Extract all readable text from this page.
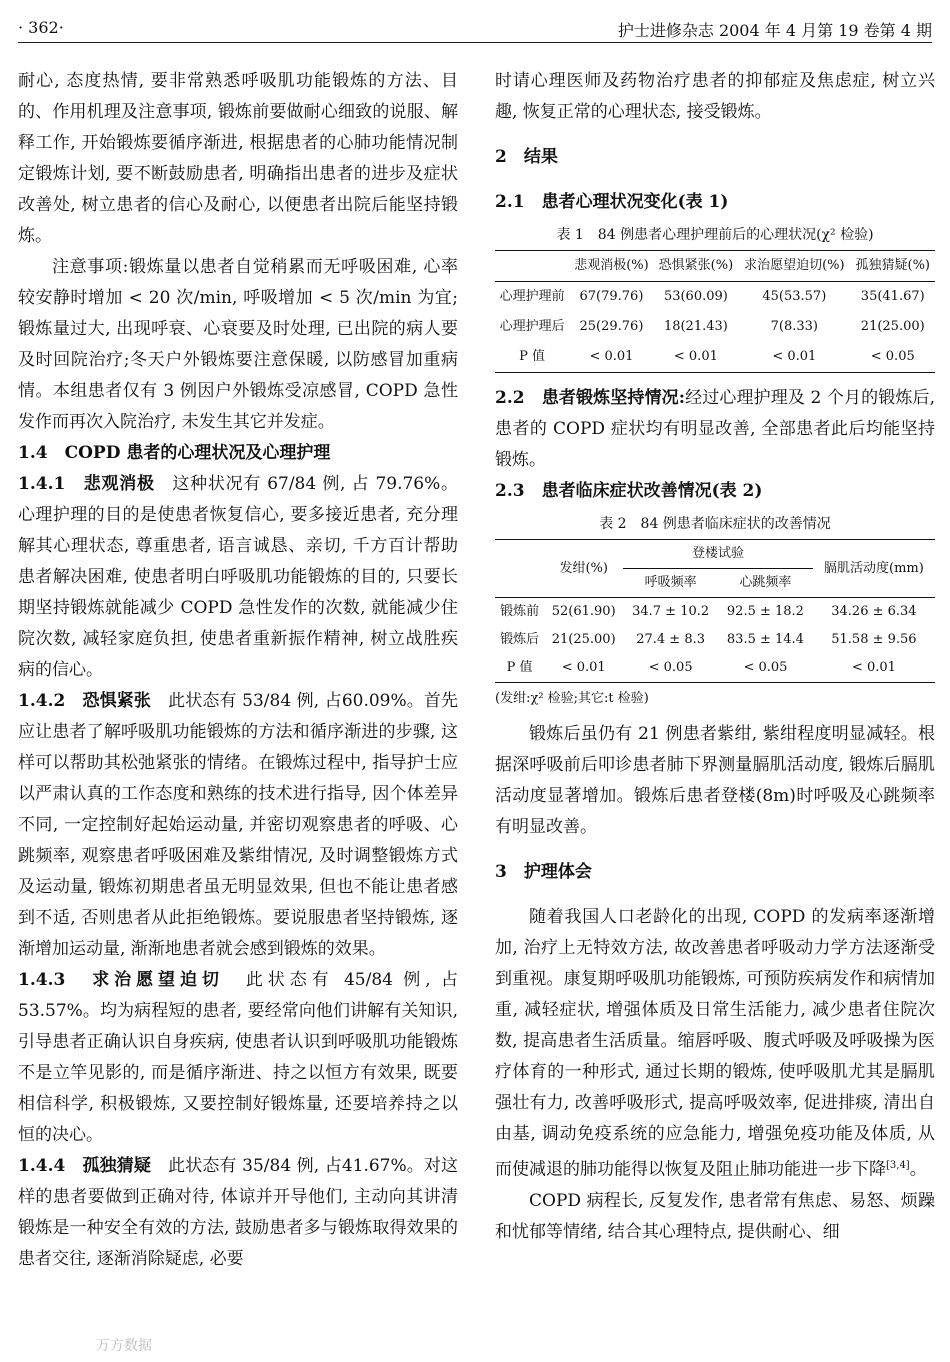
· 362·	护士进修杂志 2004 年 4 月第 19 卷第 4 期

耐心, 态度热情, 要非常熟悉呼吸肌功能锻炼的方法、目的、作用机理及注意事项, 锻炼前要做耐心细致的说服、解释工作, 开始锻炼要循序渐进, 根据患者的心肺功能情况制定锻炼计划, 要不断鼓励患者, 明确指出患者的进步及症状改善处, 树立患者的信心及耐心, 以便患者出院后能坚持锻炼。

注意事项:锻炼量以患者自觉稍累而无呼吸困难, 心率较安静时增加 < 20 次/min, 呼吸增加 < 5 次/min 为宜;锻炼量过大, 出现呼衰、心衰要及时处理, 已出院的病人要及时回院治疗;冬天户外锻炼要注意保暖, 以防感冒加重病情。本组患者仅有 3 例因户外锻炼受凉感冒, COPD 急性发作而再次入院治疗, 未发生其它并发症。

1.4　COPD 患者的心理状况及心理护理

1.4.1　悲观消极　这种状况有 67/84 例, 占 79.76%。心理护理的目的是使患者恢复信心, 要多接近患者, 充分理解其心理状态, 尊重患者, 语言诚恳、亲切, 千方百计帮助患者解决困难, 使患者明白呼吸肌功能锻炼的目的, 只要长期坚持锻炼就能减少 COPD 急性发作的次数, 就能减少住院次数, 减轻家庭负担, 使患者重新振作精神, 树立战胜疾病的信心。

1.4.2　恐惧紧张　此状态有 53/84 例, 占60.09%。首先应让患者了解呼吸肌功能锻炼的方法和循序渐进的步骤, 这样可以帮助其松弛紧张的情绪。在锻炼过程中, 指导护士应以严肃认真的工作态度和熟练的技术进行指导, 因个体差异不同, 一定控制好起始运动量, 并密切观察患者的呼吸、心跳频率, 观察患者呼吸困难及紫绀情况, 及时调整锻炼方式及运动量, 锻炼初期患者虽无明显效果, 但也不能让患者感到不适, 否则患者从此拒绝锻炼。要说服患者坚持锻炼, 逐渐增加运动量, 渐渐地患者就会感到锻炼的效果。

1.4.3　求治愿望迫切　此状态有 45/84 例, 占 53.57%。均为病程短的患者, 要经常向他们讲解有关知识, 引导患者正确认识自身疾病, 使患者认识到呼吸肌功能锻炼不是立竿见影的, 而是循序渐进、持之以恒方有效果, 既要相信科学, 积极锻炼, 又要控制好锻炼量, 还要培养持之以恒的决心。

1.4.4　孤独猜疑　此状态有 35/84 例, 占41.67%。对这样的患者要做到正确对待, 体谅并开导他们, 主动向其讲清锻炼是一种安全有效的方法, 鼓励患者多与锻炼取得效果的患者交往, 逐渐消除疑虑, 必要

时请心理医师及药物治疗患者的抑郁症及焦虑症, 树立兴趣, 恢复正常的心理状态, 接受锻炼。

2　结果

2.1　患者心理状况变化(表 1)

表 1　84 例患者心理护理前后的心理状况(χ² 检验)
	悲观消极(%)	恐惧紧张(%)	求治愿望迫切(%)	孤独猜疑(%)
心理护理前	67(79.76)	53(60.09)	45(53.57)	35(41.67)
心理护理后	25(29.76)	18(21.43)	7(8.33)	21(25.00)
P 值	< 0.01	< 0.01	< 0.01	< 0.05

2.2　患者锻炼坚持情况:经过心理护理及 2 个月的锻炼后, 患者的 COPD 症状均有明显改善, 全部患者此后均能坚持锻炼。

2.3　患者临床症状改善情况(表 2)

表 2　84 例患者临床症状的改善情况
	发绀(%)	登楼试验		膈肌活动度(mm)
		呼吸频率	心跳频率	
锻炼前	52(61.90)	34.7 ± 10.2	92.5 ± 18.2	34.26 ± 6.34
锻炼后	21(25.00)	27.4 ± 8.3	83.5 ± 14.4	51.58 ± 9.56
P 值	< 0.01	< 0.05	< 0.05	< 0.01
(发绀:χ² 检验;其它:t 检验)

锻炼后虽仍有 21 例患者紫绀, 紫绀程度明显减轻。根据深呼吸前后叩诊患者肺下界测量膈肌活动度, 锻炼后膈肌活动度显著增加。锻炼后患者登楼(8m)时呼吸及心跳频率有明显改善。

3　护理体会

随着我国人口老龄化的出现, COPD 的发病率逐渐增加, 治疗上无特效方法, 故改善患者呼吸动力学方法逐渐受到重视。康复期呼吸肌功能锻炼, 可预防疾病发作和病情加重, 减轻症状, 增强体质及日常生活能力, 减少患者住院次数, 提高患者生活质量。缩唇呼吸、腹式呼吸及呼吸操为医疗体育的一种形式, 通过长期的锻炼, 使呼吸肌尤其是膈肌强壮有力, 改善呼吸形式, 提高呼吸效率, 促进排痰, 清出自由基, 调动免疫系统的应急能力, 增强免疫功能及体质, 从而使减退的肺功能得以恢复及阻止肺功能进一步下降[3,4]。

COPD 病程长, 反复发作, 患者常有焦虑、易怒、烦躁和忧郁等情绪, 结合其心理特点, 提供耐心、细

万方数据
